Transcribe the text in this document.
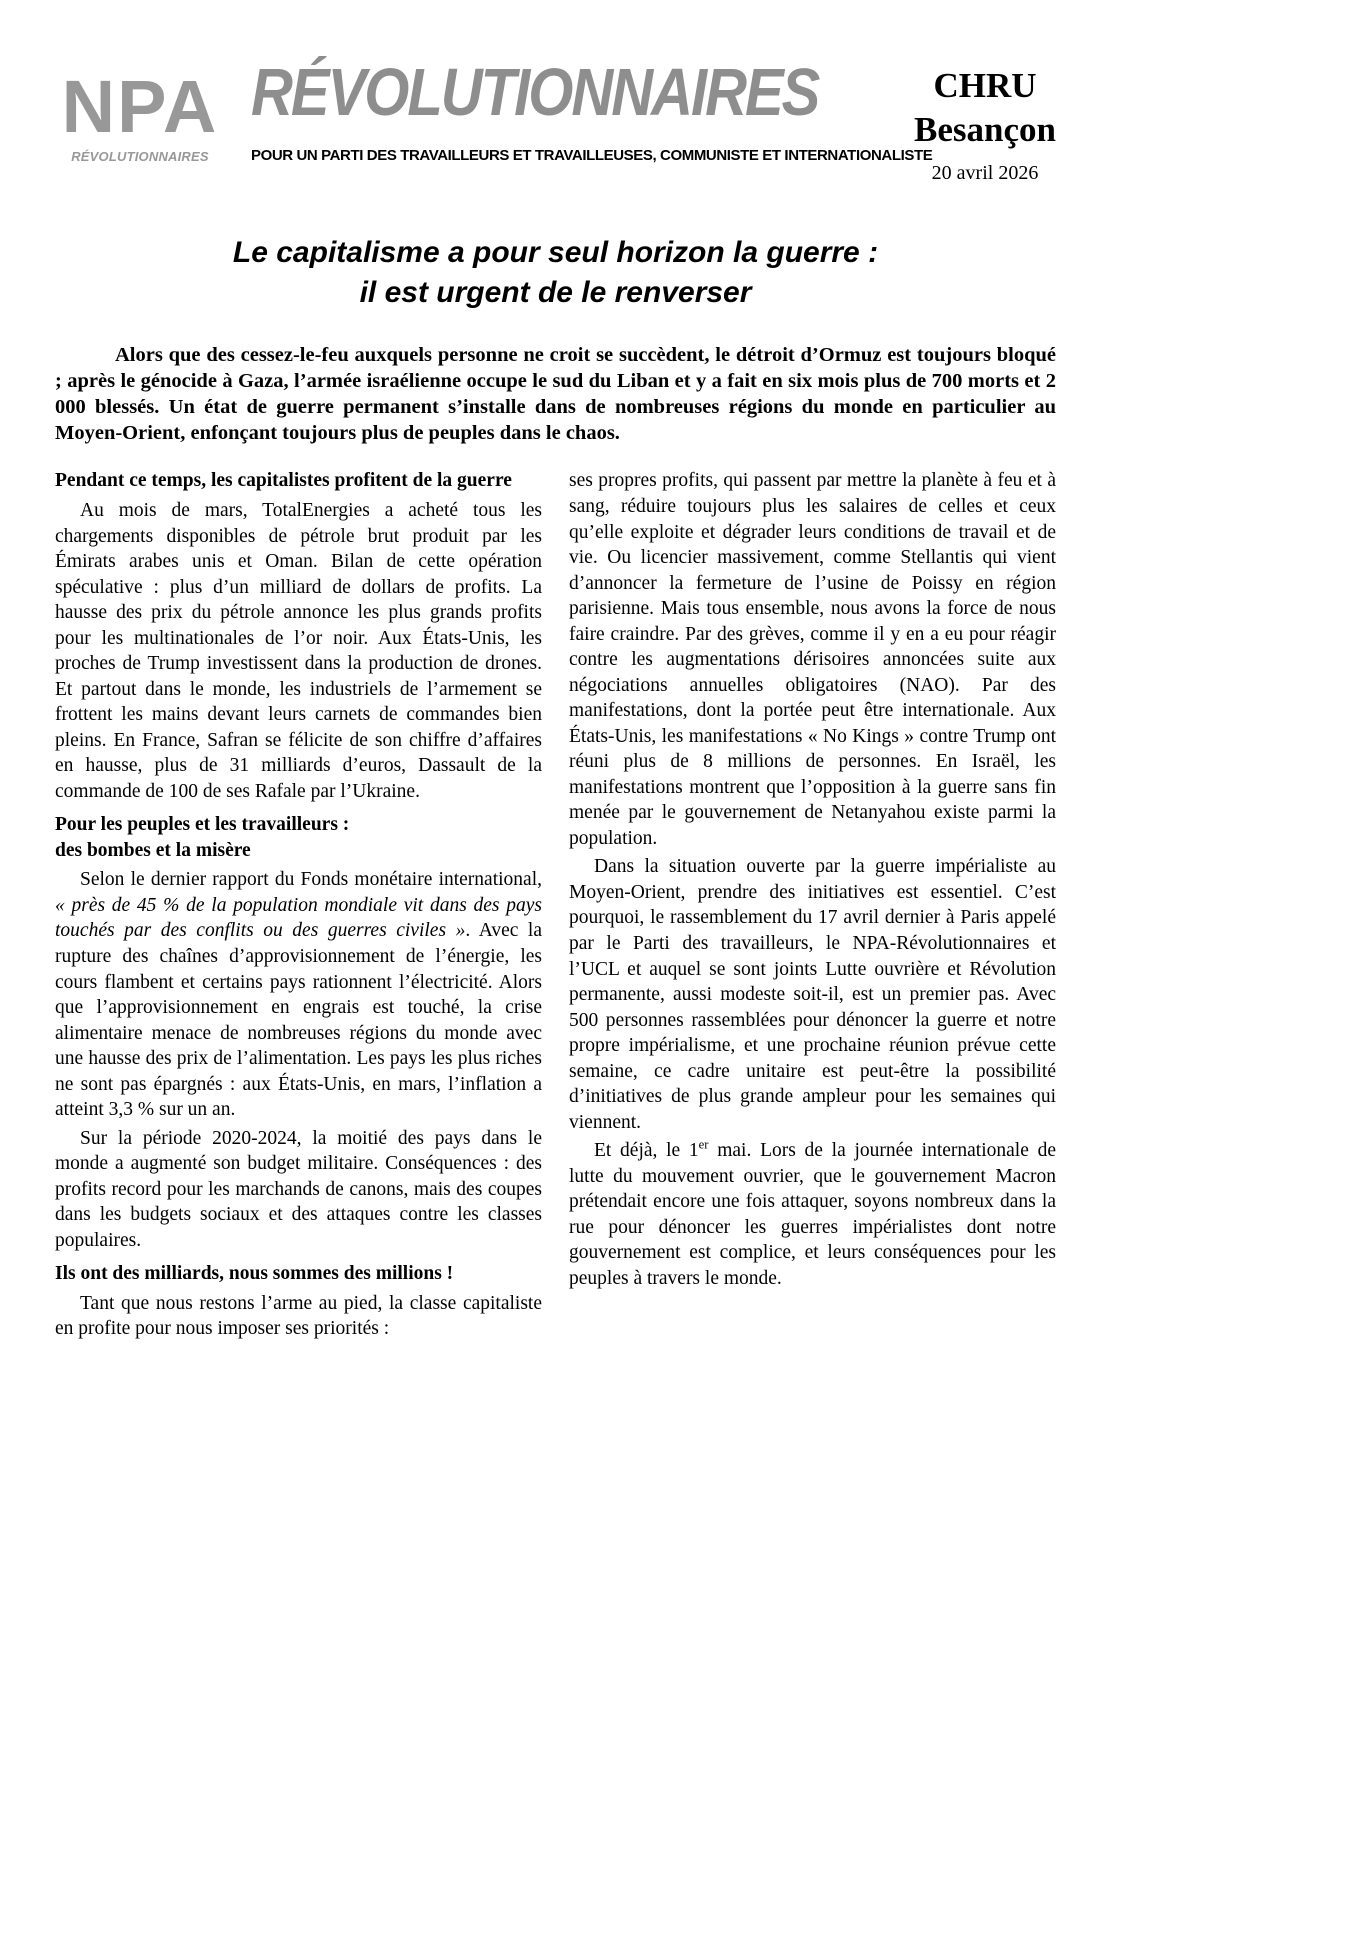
NPA
RÉVOLUTIONNAIRES
RÉVOLUTIONNAIRES
POUR UN PARTI DES TRAVAILLEURS ET TRAVAILLEUSES, COMMUNISTE ET INTERNATIONALISTE
CHRU
Besançon
20 avril 2026
Le capitalisme a pour seul horizon la guerre :
il est urgent de le renverser

Alors que des cessez-le-feu auxquels personne ne croit se succèdent, le détroit d’Ormuz est toujours bloqué ; après le génocide à Gaza, l’armée israélienne occupe le sud du Liban et y a fait en six mois plus de 700 morts et 2 000 blessés. Un état de guerre permanent s’installe dans de nombreuses régions du monde en particulier au Moyen-Orient, enfonçant toujours plus de peuples dans le chaos.

Pendant ce temps, les capitalistes profitent de la guerre

Au mois de mars, TotalEnergies a acheté tous les chargements disponibles de pétrole brut produit par les Émirats arabes unis et Oman. Bilan de cette opération spéculative : plus d’un milliard de dollars de profits. La hausse des prix du pétrole annonce les plus grands profits pour les multinationales de l’or noir. Aux États-Unis, les proches de Trump investissent dans la production de drones. Et partout dans le monde, les industriels de l’armement se frottent les mains devant leurs carnets de commandes bien pleins. En France, Safran se félicite de son chiffre d’affaires en hausse, plus de 31 milliards d’euros, Dassault de la commande de 100 de ses Rafale par l’Ukraine.

Pour les peuples et les travailleurs :
des bombes et la misère

Selon le dernier rapport du Fonds monétaire international, « près de 45 % de la population mondiale vit dans des pays touchés par des conflits ou des guerres civiles ». Avec la rupture des chaînes d’approvisionnement de l’énergie, les cours flambent et certains pays rationnent l’électricité. Alors que l’approvisionnement en engrais est touché, la crise alimentaire menace de nombreuses régions du monde avec une hausse des prix de l’alimentation. Les pays les plus riches ne sont pas épargnés : aux États-Unis, en mars, l’inflation a atteint 3,3 % sur un an.

Sur la période 2020-2024, la moitié des pays dans le monde a augmenté son budget militaire. Conséquences : des profits record pour les marchands de canons, mais des coupes dans les budgets sociaux et des attaques contre les classes populaires.

Ils ont des milliards, nous sommes des millions !

Tant que nous restons l’arme au pied, la classe capitaliste en profite pour nous imposer ses priorités :

ses propres profits, qui passent par mettre la planète à feu et à sang, réduire toujours plus les salaires de celles et ceux qu’elle exploite et dégrader leurs conditions de travail et de vie. Ou licencier massivement, comme Stellantis qui vient d’annoncer la fermeture de l’usine de Poissy en région parisienne. Mais tous ensemble, nous avons la force de nous faire craindre. Par des grèves, comme il y en a eu pour réagir contre les augmentations dérisoires annoncées suite aux négociations annuelles obligatoires (NAO). Par des manifestations, dont la portée peut être internationale. Aux États-Unis, les manifestations « No Kings » contre Trump ont réuni plus de 8 millions de personnes. En Israël, les manifestations montrent que l’opposition à la guerre sans fin menée par le gouvernement de Netanyahou existe parmi la population.

Dans la situation ouverte par la guerre impérialiste au Moyen-Orient, prendre des initiatives est essentiel. C’est pourquoi, le rassemblement du 17 avril dernier à Paris appelé par le Parti des travailleurs, le NPA-Révolutionnaires et l’UCL et auquel se sont joints Lutte ouvrière et Révolution permanente, aussi modeste soit-il, est un premier pas. Avec 500 personnes rassemblées pour dénoncer la guerre et notre propre impérialisme, et une prochaine réunion prévue cette semaine, ce cadre unitaire est peut-être la possibilité d’initiatives de plus grande ampleur pour les semaines qui viennent.

Et déjà, le 1er mai. Lors de la journée internationale de lutte du mouvement ouvrier, que le gouvernement Macron prétendait encore une fois attaquer, soyons nombreux dans la rue pour dénoncer les guerres impérialistes dont notre gouvernement est complice, et leurs conséquences pour les peuples à travers le monde.
